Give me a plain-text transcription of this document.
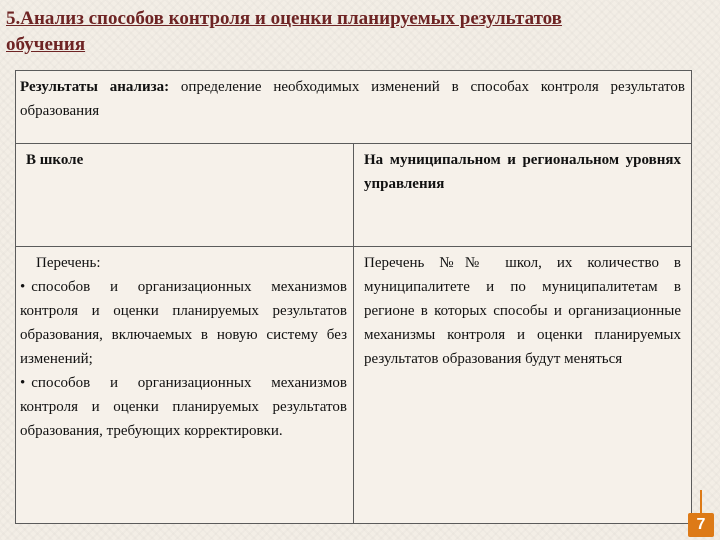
5.Анализ способов контроля и оценки планируемых результатов
обучения
Результаты анализа: определение необходимых изменений в способах контроля результатов образования	
В школе	На муниципальном и региональном уровнях управления

Перечень:
• способов и организационных механизмов контроля и оценки планируемых результатов образования, включаемых в новую систему без изменений;
• способов и организационных механизмов контроля и оценки планируемых результатов образования, требующих корректировки.	Перечень №№ школ, их количество в муниципалитете и по муниципалитетам в регионе в которых способы и организационные механизмы контроля и оценки планируемых результатов образования будут меняться
7
